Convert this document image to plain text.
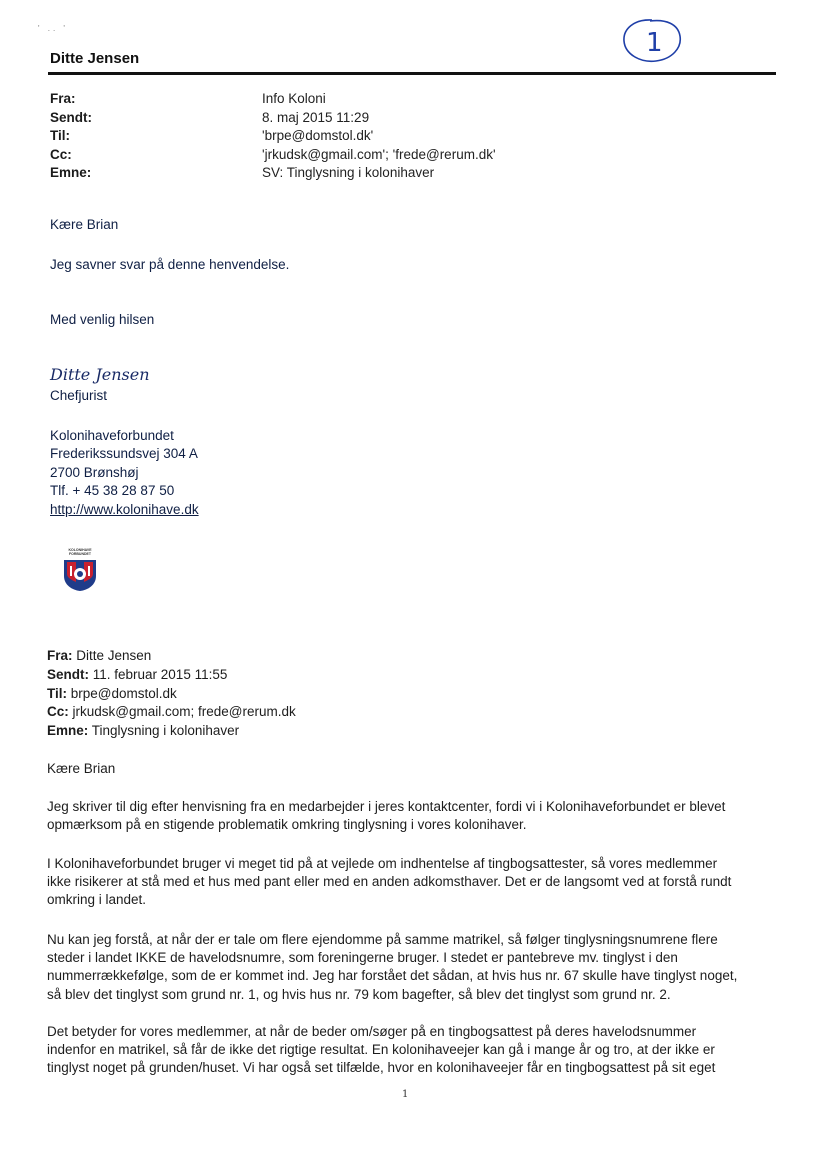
' .. '	1
Ditte Jensen
Fra:	Info Koloni
Sendt:	8. maj 2015 11:29
Til:	'brpe@domstol.dk'
Cc:	'jrkudsk@gmail.com'; 'frede@rerum.dk'
Emne:	SV: Tinglysning i kolonihaver
Kære Brian
Jeg savner svar på denne henvendelse.
Med venlig hilsen
Ditte Jensen
Chefjurist
Kolonihaveforbundet
Frederikssundsvej 304 A
2700 Brønshøj
Tlf. + 45 38 28 87 50
http://www.kolonihave.dk
KOLONIHAVE
FORBUNDET
Fra: Ditte Jensen
Sendt: 11. februar 2015 11:55
Til: brpe@domstol.dk
Cc: jrkudsk@gmail.com; frede@rerum.dk
Emne: Tinglysning i kolonihaver
Kære Brian
Jeg skriver til dig efter henvisning fra en medarbejder i jeres kontaktcenter, fordi vi i Kolonihaveforbundet er blevet
opmærksom på en stigende problematik omkring tinglysning i vores kolonihaver.
I Kolonihaveforbundet bruger vi meget tid på at vejlede om indhentelse af tingbogsattester, så vores medlemmer
ikke risikerer at stå med et hus med pant eller med en anden adkomsthaver. Det er de langsomt ved at forstå rundt
omkring i landet.
Nu kan jeg forstå, at når der er tale om flere ejendomme på samme matrikel, så følger tinglysningsnumrene flere
steder i landet IKKE de havelodsnumre, som foreningerne bruger. I stedet er pantebreve mv. tinglyst i den
nummerrækkefølge, som de er kommet ind. Jeg har forstået det sådan, at hvis hus nr. 67 skulle have tinglyst noget,
så blev det tinglyst som grund nr. 1, og hvis hus nr. 79 kom bagefter, så blev det tinglyst som grund nr. 2.
Det betyder for vores medlemmer, at når de beder om/søger på en tingbogsattest på deres havelodsnummer
indenfor en matrikel, så får de ikke det rigtige resultat. En kolonihaveejer kan gå i mange år og tro, at der ikke er
tinglyst noget på grunden/huset. Vi har også set tilfælde, hvor en kolonihaveejer får en tingbogsattest på sit eget
1
